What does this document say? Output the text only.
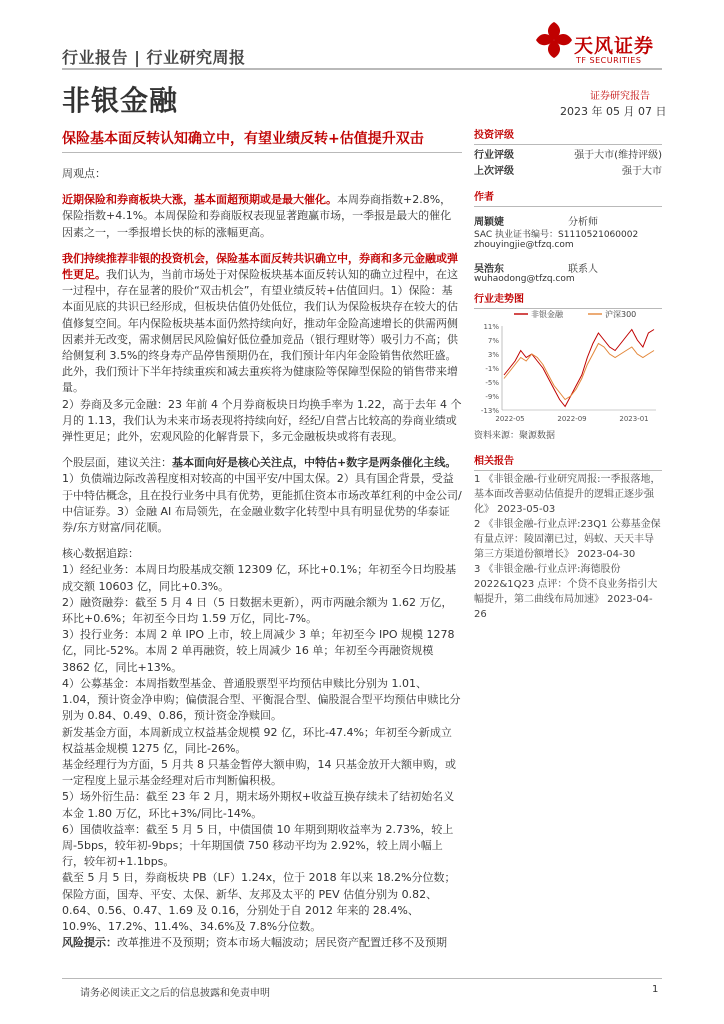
行业报告 | 行业研究周报
非银金融
天风证券
TF SECURITIES
证券研究报告
2023 年 05 月 07 日
保险基本面反转认知确立中，有望业绩反转+估值提升双击

周观点：

近期保险和券商板块大涨，基本面超预期或是最大催化。本周券商指数+2.8%，保险指数+4.1%。本周保险和券商版权表现显著跑赢市场，一季报是最大的催化因素之一，一季报增长快的标的涨幅更高。

我们持续推荐非银的投资机会，保险基本面反转共识确立中，券商和多元金融或弹性更足。我们认为，当前市场处于对保险板块基本面反转认知的确立过程中，在这一过程中，存在显著的股价“双击机会”，有望业绩反转+估值回归。1）保险：基本面见底的共识已经形成，但板块估值仍处低位，我们认为保险板块存在较大的估值修复空间。年内保险板块基本面仍然持续向好，推动年金险高速增长的供需两侧因素并无改变，需求侧居民风险偏好低位叠加竞品（银行理财等）吸引力不高；供给侧复利 3.5%的终身寿产品停售预期仍在，我们预计年内年金险销售依然旺盛。此外，我们预计下半年持续重疾和减去重疾将为健康险等保障型保险的销售带来增量。

2）券商及多元金融：23 年前 4 个月券商板块日均换手率为 1.22，高于去年 4 个月的 1.13，我们认为未来市场表现将持续向好，经纪/自营占比较高的券商业绩或弹性更足；此外，宏观风险的化解背景下，多元金融板块或将有表现。

个股层面，建议关注：基本面向好是核心关注点，中特估+数字是两条催化主线。1）负债端边际改善程度相对较高的中国平安/中国太保。2）具有国企背景，受益于中特估概念，且在投行业务中具有优势，更能抓住资本市场改革红利的中金公司/中信证券。3）金融 AI 布局领先，在金融业数字化转型中具有明显优势的华泰证券/东方财富/同花顺。

核心数据追踪：

1）经纪业务：本周日均股基成交额 12309 亿，环比+0.1%；年初至今日均股基成交额 10603 亿，同比+0.3%。

2）融资融券：截至 5 月 4 日（5 日数据未更新），两市两融余额为 1.62 万亿，环比+0.6%；年初至今日均 1.59 万亿，同比-7%。

3）投行业务：本周 2 单 IPO 上市，较上周减少 3 单；年初至今 IPO 规模 1278 亿，同比-52%。本周 2 单再融资，较上周减少 16 单；年初至今再融资规模 3862 亿，同比+13%。

4）公募基金：本周指数型基金、普通股票型平均预估申赎比分别为 1.01、1.04，预计资金净申购；偏债混合型、平衡混合型、偏股混合型平均预估申赎比分别为 0.84、0.49、0.86，预计资金净赎回。

新发基金方面，本周新成立权益基金规模 92 亿，环比-47.4%；年初至今新成立权益基金规模 1275 亿，同比-26%。

基金经理行为方面，5 月共 8 只基金暂停大额申购，14 只基金放开大额申购，或一定程度上显示基金经理对后市判断偏积极。

5）场外衍生品：截至 23 年 2 月，期末场外期权+收益互换存续未了结初始名义本金 1.80 万亿，环比+3%/同比-14%。

6）国债收益率：截至 5 月 5 日，中债国债 10 年期到期收益率为 2.73%，较上周-5bps，较年初-9bps；十年期国债 750 移动平均为 2.92%，较上周小幅上行，较年初+1.1bps。

截至 5 月 5 日，券商板块 PB（LF）1.24x，位于 2018 年以来 18.2%分位数；保险方面，国寿、平安、太保、新华、友邦及太平的 PEV 估值分别为 0.82、0.64、0.56、0.47、1.69 及 0.16，分别处于自 2012 年来的 28.4%、10.9%、17.2%、11.4%、34.6%及 7.8%分位数。

风险提示：改革推进不及预期；资本市场大幅波动；居民资产配置迁移不及预期

投资评级
行业评级	强于大市(维持评级)
上次评级	强于大市
作者
周颖婕	分析师
SAC 执业证书编号：S1110521060002
zhouyingjie@tfzq.com
吴浩东	联系人
wuhaodong@tfzq.com
行业走势图
非银金融	沪深300
11%
7%
3%
-1%
-5%
-9%
-13%
2022-05	2022-09	2023-01
资料来源：聚源数据
相关报告
1 《非银金融-行业研究周报:一季报落地，基本面改善驱动估值提升的逻辑正逐步强化》 2023-05-03
2 《非银金融-行业点评:23Q1 公募基金保有量点评：陵固潮已过，妈蚁、天天丰导第三方渠道份额增长》 2023-04-30
3 《非银金融-行业点评:海德股份2022&1Q23 点评：个贷不良业务指引大幅提升，第二曲线布局加速》 2023-04-26
请务必阅读正文之后的信息披露和免责申明	1
